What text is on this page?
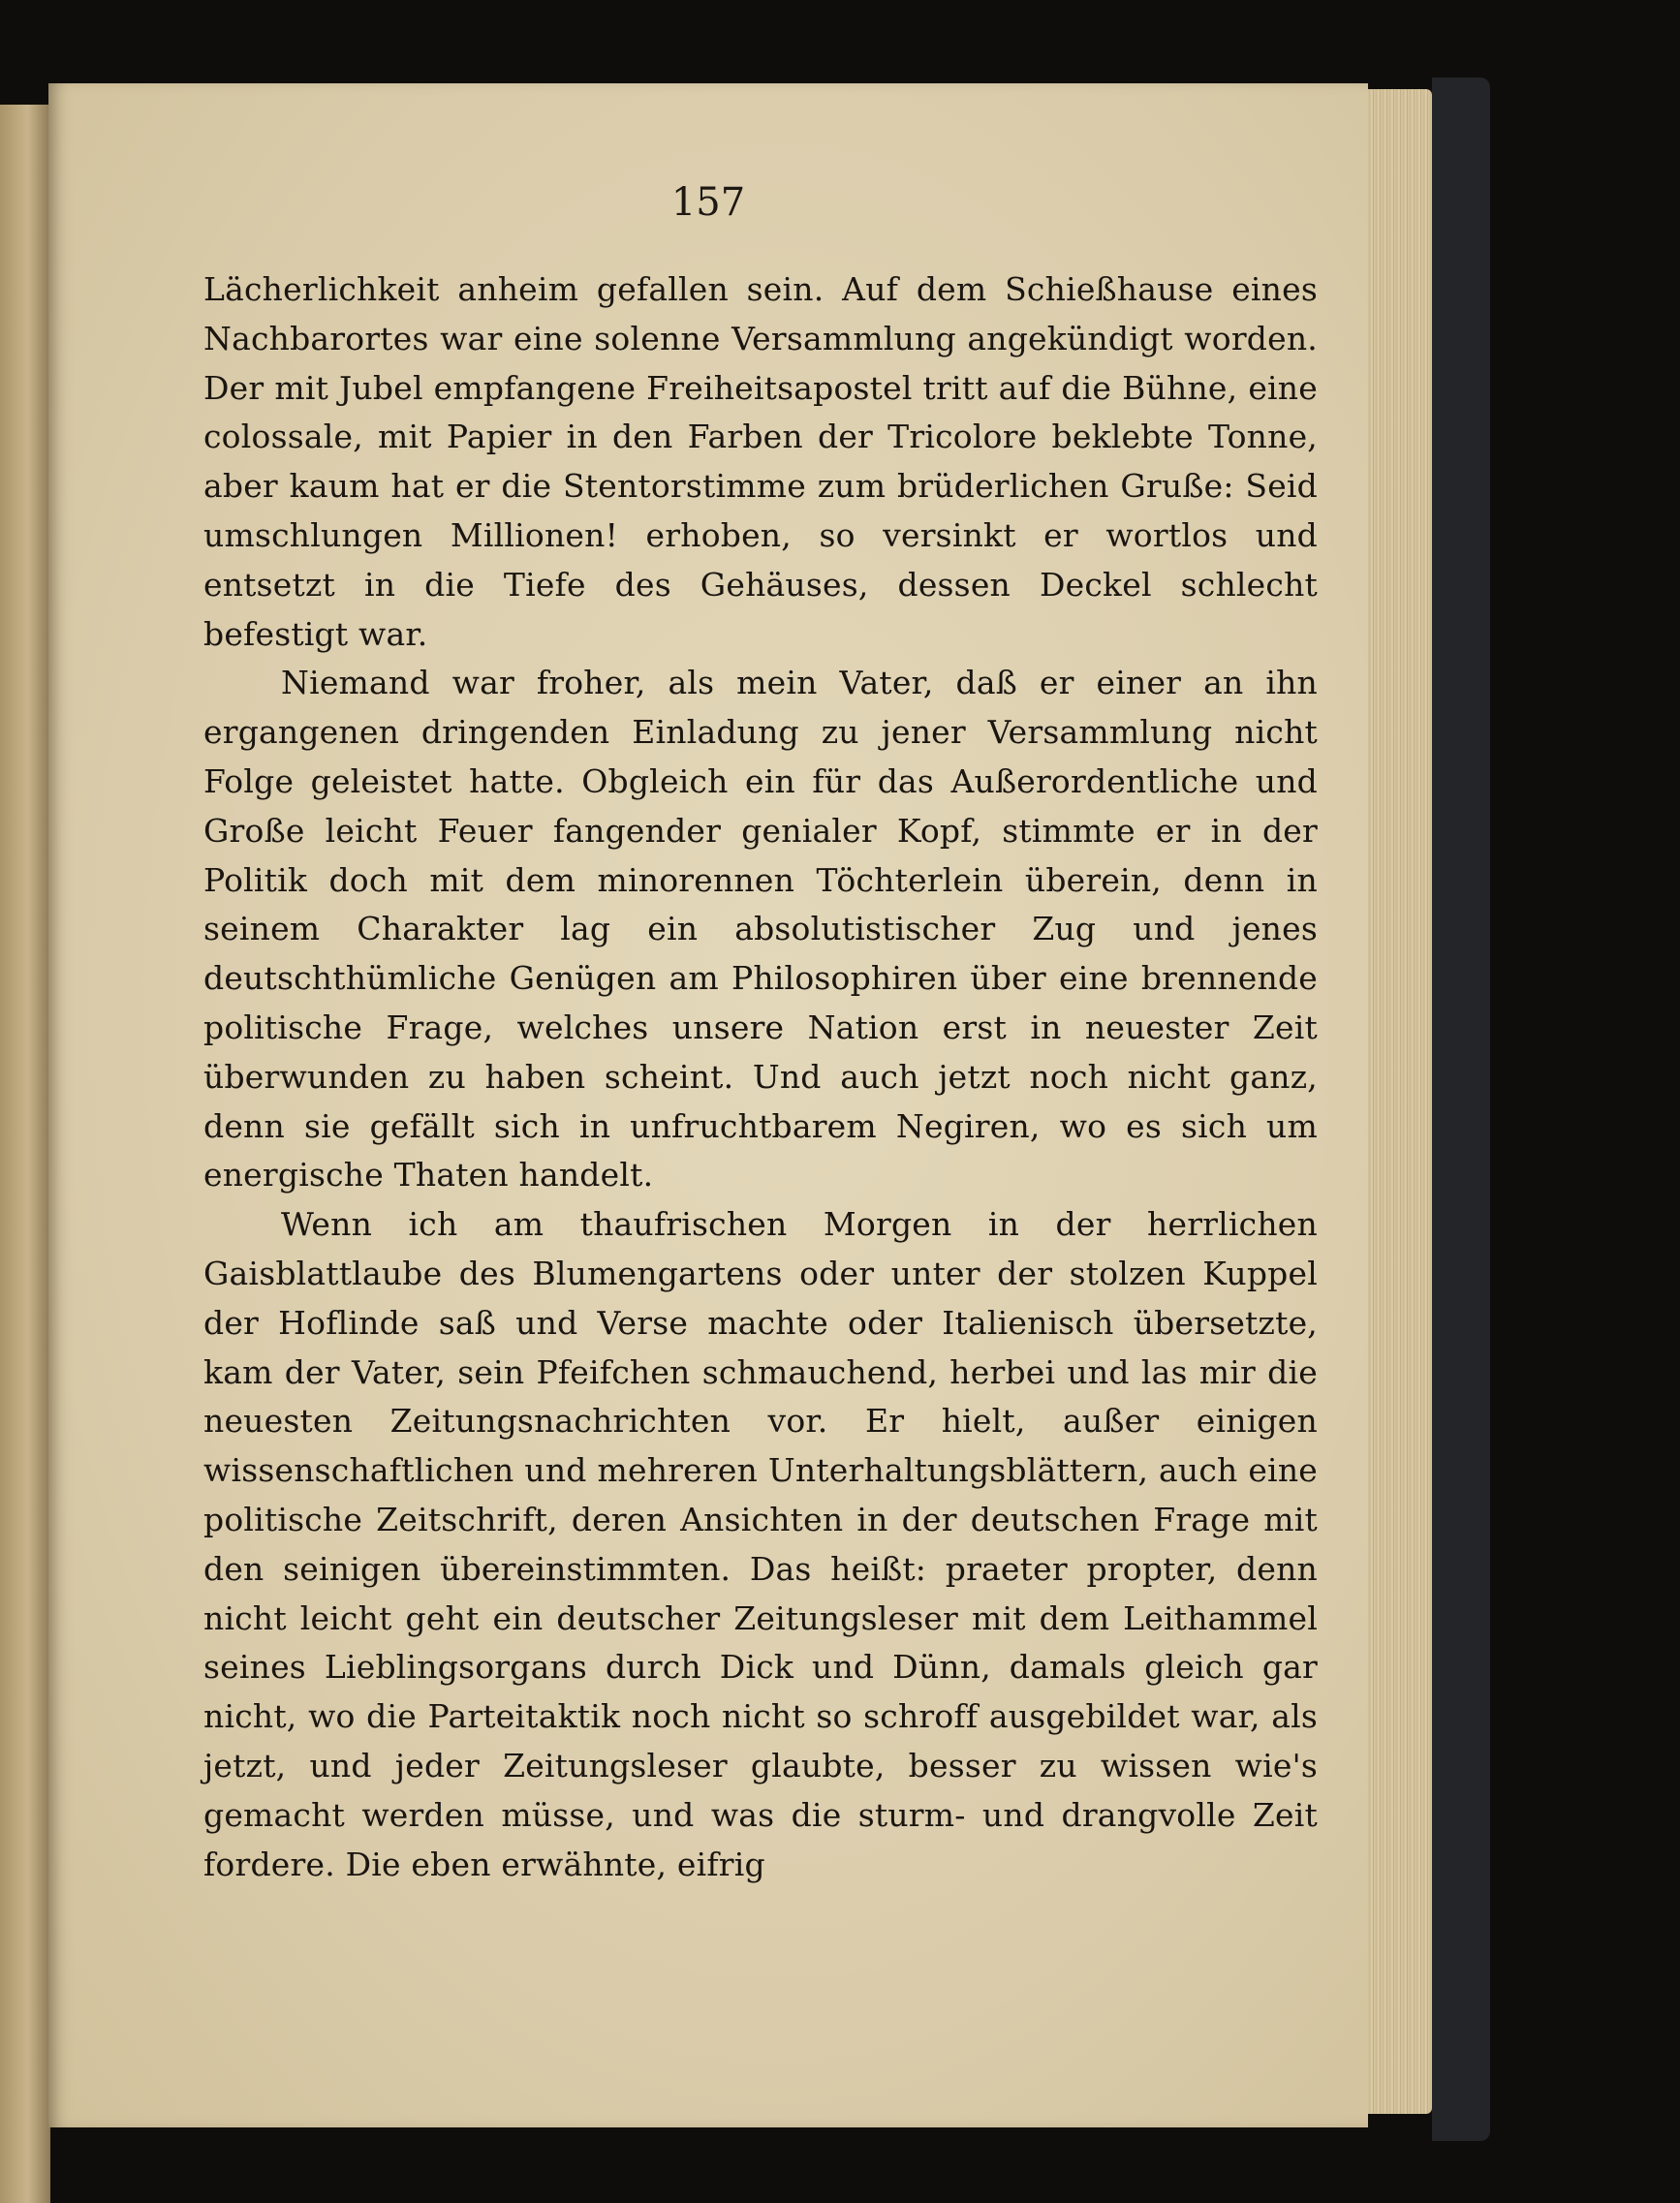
157

Lächerlichkeit anheim gefallen sein. Auf dem Schießhause eines Nachbarortes war eine solenne Versammlung angekündigt worden. Der mit Jubel empfangene Freiheitsapostel tritt auf die Bühne, eine colossale, mit Papier in den Farben der Tricolore beklebte Tonne, aber kaum hat er die Stentorstimme zum brüderlichen Gruße: Seid umschlungen Millionen! erhoben, so versinkt er wortlos und entsetzt in die Tiefe des Gehäuses, dessen Deckel schlecht befestigt war.

Niemand war froher, als mein Vater, daß er einer an ihn ergangenen dringenden Einladung zu jener Versammlung nicht Folge geleistet hatte. Obgleich ein für das Außerordentliche und Große leicht Feuer fangender genialer Kopf, stimmte er in der Politik doch mit dem minorennen Töchterlein überein, denn in seinem Charakter lag ein absolutistischer Zug und jenes deutschthümliche Genügen am Philosophiren über eine brennende politische Frage, welches unsere Nation erst in neuester Zeit überwunden zu haben scheint. Und auch jetzt noch nicht ganz, denn sie gefällt sich in unfruchtbarem Negiren, wo es sich um energische Thaten handelt.

Wenn ich am thaufrischen Morgen in der herrlichen Gaisblattlaube des Blumengartens oder unter der stolzen Kuppel der Hoflinde saß und Verse machte oder Italienisch übersetzte, kam der Vater, sein Pfeifchen schmauchend, herbei und las mir die neuesten Zeitungsnachrichten vor. Er hielt, außer einigen wissenschaftlichen und mehreren Unterhaltungsblättern, auch eine politische Zeitschrift, deren Ansichten in der deutschen Frage mit den seinigen übereinstimmten. Das heißt: praeter propter, denn nicht leicht geht ein deutscher Zeitungsleser mit dem Leithammel seines Lieblingsorgans durch Dick und Dünn, damals gleich gar nicht, wo die Parteitaktik noch nicht so schroff ausgebildet war, als jetzt, und jeder Zeitungsleser glaubte, besser zu wissen wie's gemacht werden müsse, und was die sturm- und drangvolle Zeit fordere. Die eben erwähnte, eifrig
